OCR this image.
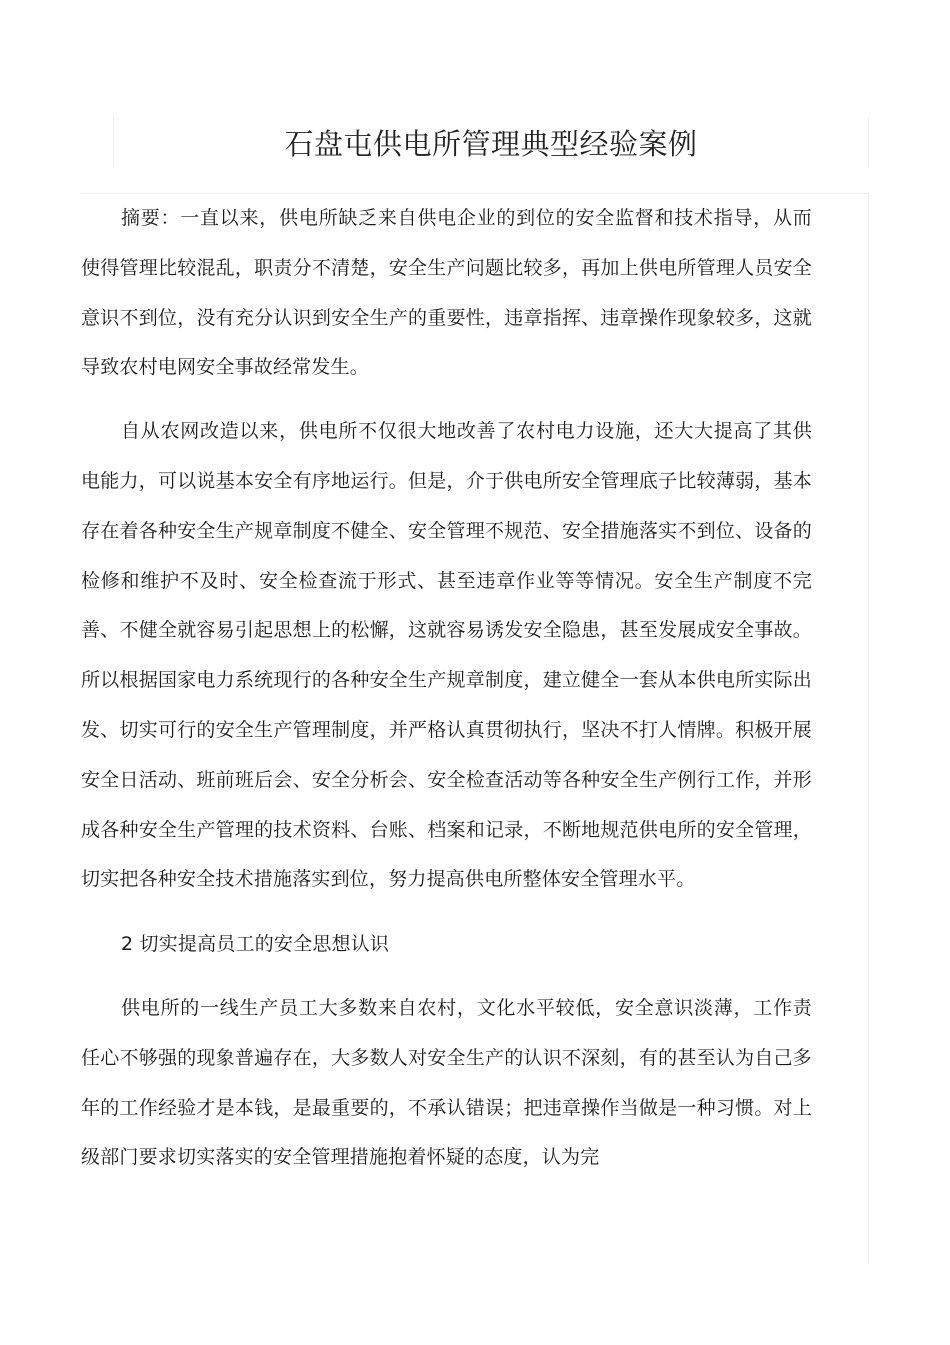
石盘屯供电所管理典型经验案例

摘要：一直以来，供电所缺乏来自供电企业的到位的安全监督和技术指导，从而使得管理比较混乱，职责分不清楚，安全生产问题比较多，再加上供电所管理人员安全意识不到位，没有充分认识到安全生产的重要性，违章指挥、违章操作现象较多，这就导致农村电网安全事故经常发生。

自从农网改造以来，供电所不仅很大地改善了农村电力设施，还大大提高了其供电能力，可以说基本安全有序地运行。但是，介于供电所安全管理底子比较薄弱，基本存在着各种安全生产规章制度不健全、安全管理不规范、安全措施落实不到位、设备的检修和维护不及时、安全检查流于形式、甚至违章作业等等情况。安全生产制度不完善、不健全就容易引起思想上的松懈，这就容易诱发安全隐患，甚至发展成安全事故。所以根据国家电力系统现行的各种安全生产规章制度，建立健全一套从本供电所实际出发、切实可行的安全生产管理制度，并严格认真贯彻执行，坚决不打人情牌。积极开展安全日活动、班前班后会、安全分析会、安全检查活动等各种安全生产例行工作，并形成各种安全生产管理的技术资料、台账、档案和记录，不断地规范供电所的安全管理，切实把各种安全技术措施落实到位，努力提高供电所整体安全管理水平。

2 切实提高员工的安全思想认识

供电所的一线生产员工大多数来自农村，文化水平较低，安全意识淡薄，工作责任心不够强的现象普遍存在，大多数人对安全生产的认识不深刻，有的甚至认为自己多年的工作经验才是本钱，是最重要的，不承认错误；把违章操作当做是一种习惯。对上级部门要求切实落实的安全管理措施抱着怀疑的态度，认为完
